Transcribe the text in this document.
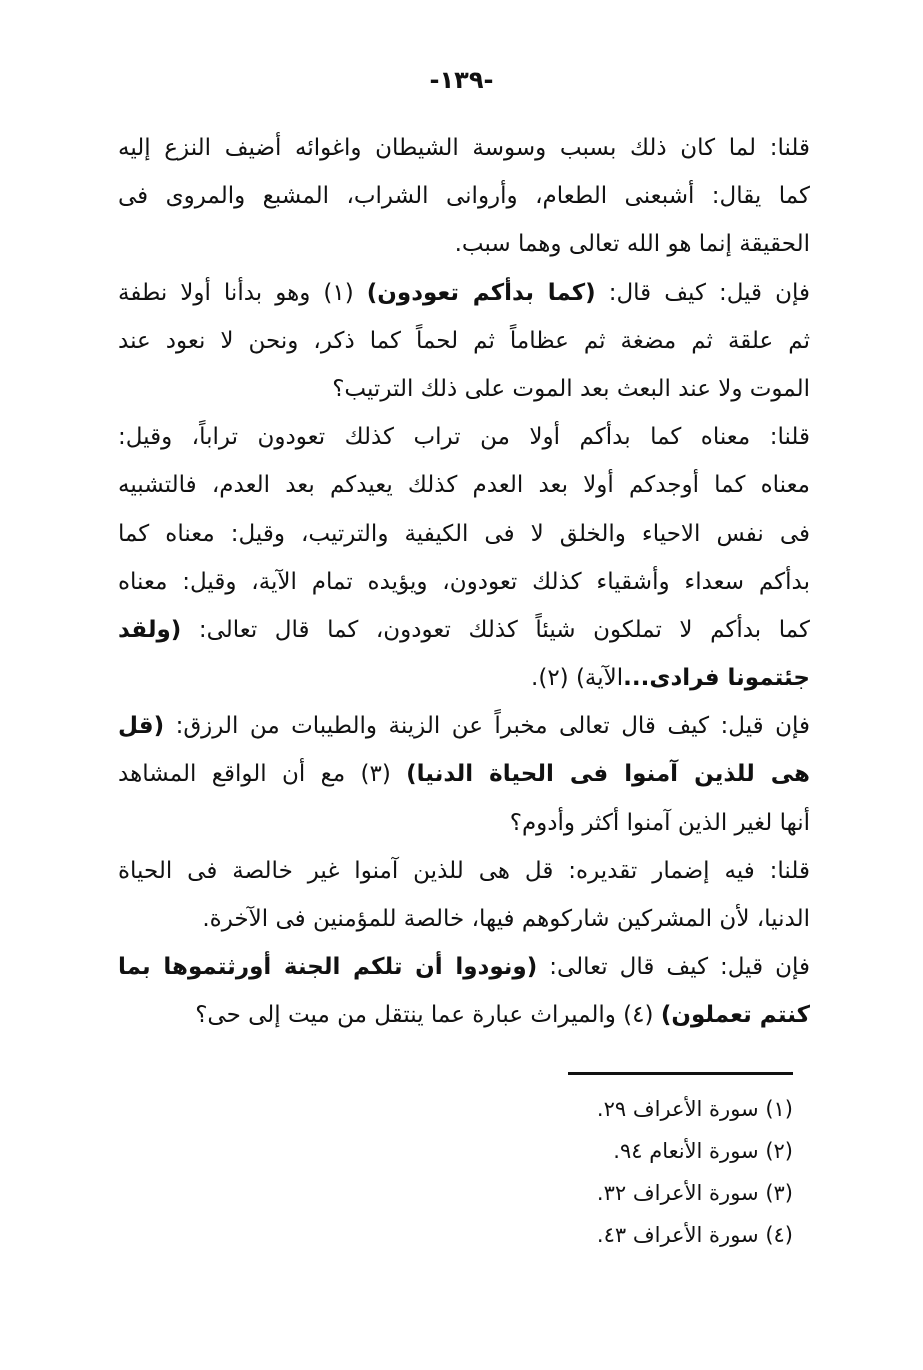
-١٣٩-
قلنا: لما كان ذلك بسبب وسوسة الشيطان واغوائه أضيف النزع إليه
كما يقال: أشبعنى الطعام، وأروانى الشراب، المشبع والمروى فى
الحقيقة إنما هو الله تعالى وهما سبب.
فإن قيل: كيف قال: (كما بدأكم تعودون) (١) وهو بدأنا أولا نطفة
ثم علقة ثم مضغة ثم عظاماً ثم لحماً كما ذكر، ونحن لا نعود عند
الموت ولا عند البعث بعد الموت على ذلك الترتيب؟
قلنا: معناه كما بدأكم أولا من تراب كذلك تعودون تراباً، وقيل:
معناه كما أوجدكم أولا بعد العدم كذلك يعيدكم بعد العدم، فالتشبيه
فى نفس الاحياء والخلق لا فى الكيفية والترتيب، وقيل: معناه كما
بدأكم سعداء وأشقياء كذلك تعودون، ويؤيده تمام الآية، وقيل: معناه
كما بدأكم لا تملكون شيئاً كذلك تعودون، كما قال تعالى: (ولقد
جئتمونا فرادى...الآية) (٢).
فإن قيل: كيف قال تعالى مخبراً عن الزينة والطيبات من الرزق: (قل
هى للذين آمنوا فى الحياة الدنيا) (٣) مع أن الواقع المشاهد
أنها لغير الذين آمنوا أكثر وأدوم؟
قلنا: فيه إضمار تقديره: قل هى للذين آمنوا غير خالصة فى الحياة
الدنيا، لأن المشركين شاركوهم فيها، خالصة للمؤمنين فى الآخرة.
فإن قيل: كيف قال تعالى: (ونودوا أن تلكم الجنة أورثتموها بما
كنتم تعملون) (٤) والميراث عبارة عما ينتقل من ميت إلى حى؟
(١) سورة الأعراف ٢٩.
(٢) سورة الأنعام ٩٤.
(٣) سورة الأعراف ٣٢.
(٤) سورة الأعراف ٤٣.
